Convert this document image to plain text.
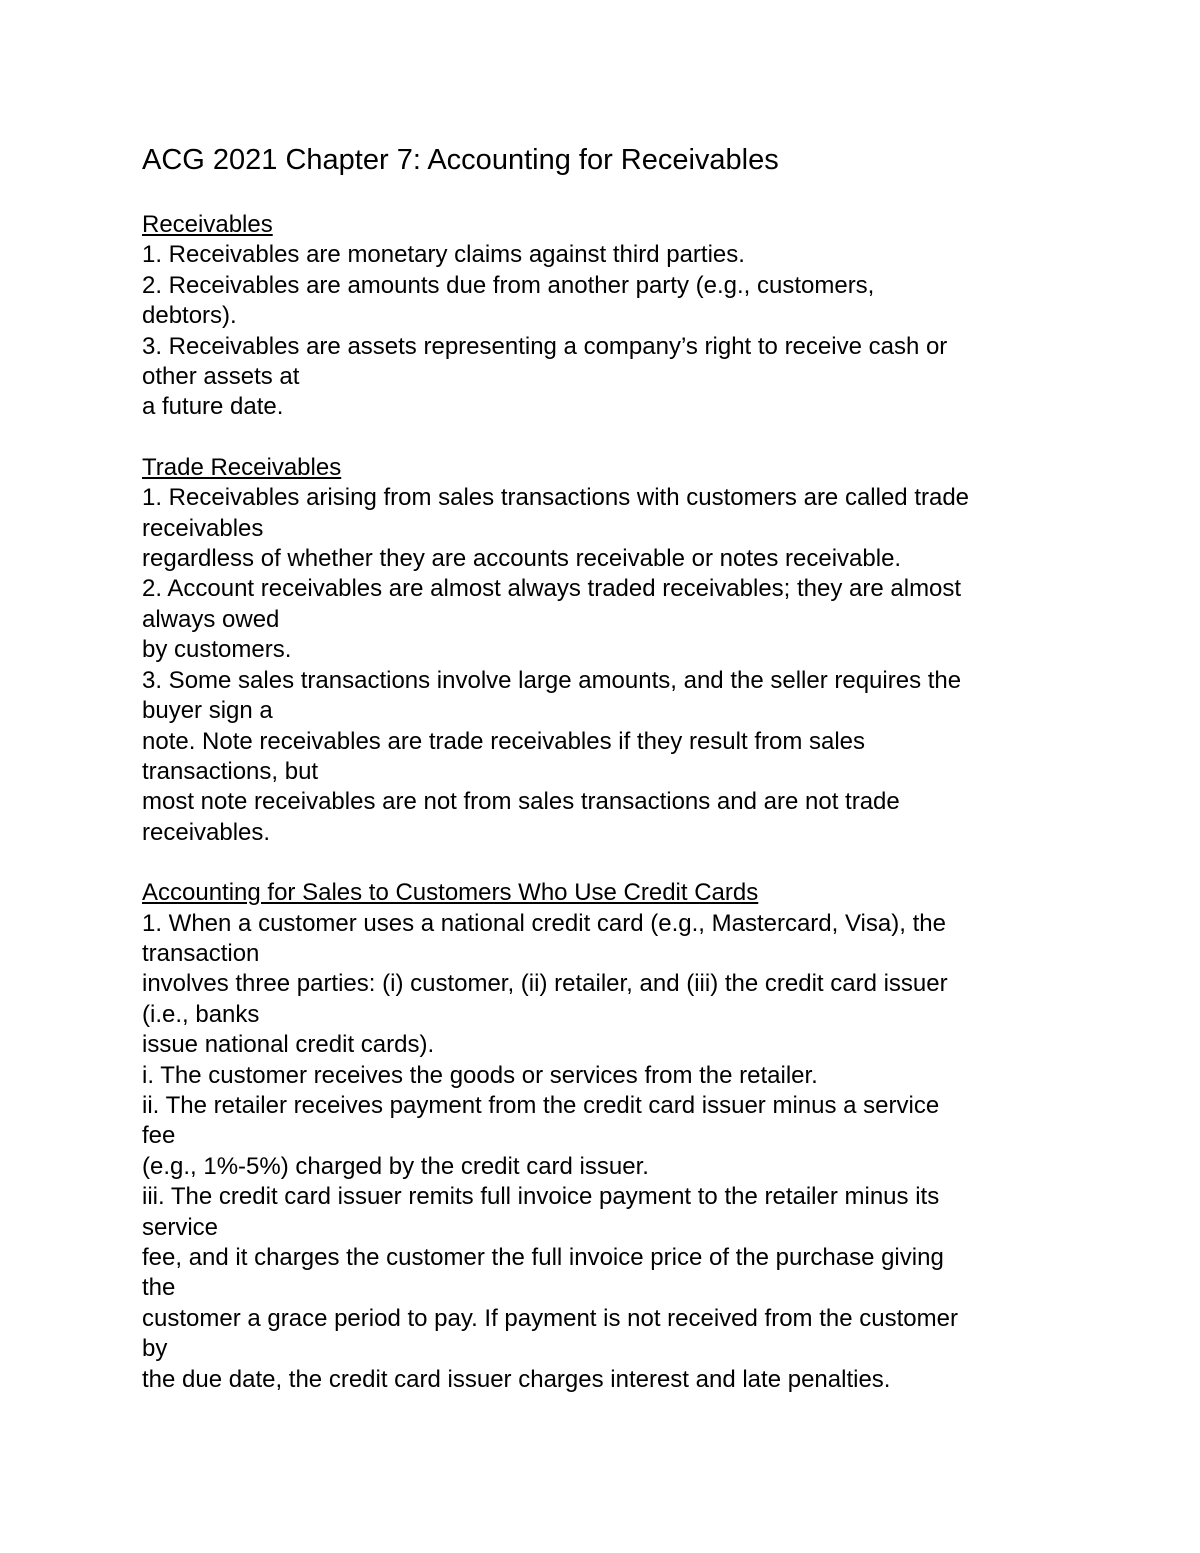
ACG 2021 Chapter 7: Accounting for Receivables
Receivables
1. Receivables are monetary claims against third parties.
2. Receivables are amounts due from another party (e.g., customers,
debtors).
3. Receivables are assets representing a company’s right to receive cash or
other assets at
a future date.
Trade Receivables
1. Receivables arising from sales transactions with customers are called trade
receivables
regardless of whether they are accounts receivable or notes receivable.
2. Account receivables are almost always traded receivables; they are almost
always owed
by customers.
3. Some sales transactions involve large amounts, and the seller requires the
buyer sign a
note. Note receivables are trade receivables if they result from sales
transactions, but
most note receivables are not from sales transactions and are not trade
receivables.
Accounting for Sales to Customers Who Use Credit Cards
1. When a customer uses a national credit card (e.g., Mastercard, Visa), the
transaction
involves three parties: (i) customer, (ii) retailer, and (iii) the credit card issuer
(i.e., banks
issue national credit cards).
i. The customer receives the goods or services from the retailer.
ii. The retailer receives payment from the credit card issuer minus a service
fee
(e.g., 1%-5%) charged by the credit card issuer.
iii. The credit card issuer remits full invoice payment to the retailer minus its
service
fee, and it charges the customer the full invoice price of the purchase giving
the
customer a grace period to pay. If payment is not received from the customer
by
the due date, the credit card issuer charges interest and late penalties.
